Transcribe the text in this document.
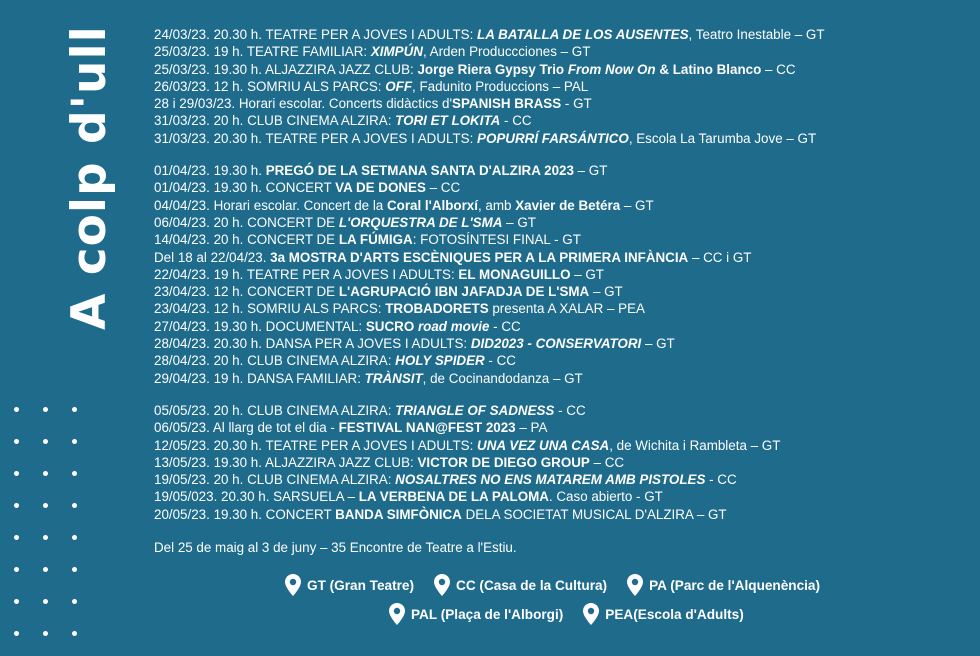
A colp d'ull	24/03/23. 20.30 h. TEATRE PER A JOVES I ADULTS: LA BATALLA DE LOS AUSENTES, Teatro Inestable – GT
25/03/23. 19 h. TEATRE FAMILIAR: XIMPÚN, Arden Produccciones – GT
25/03/23. 19.30 h. ALJAZZIRA JAZZ CLUB: Jorge Riera Gypsy Trio From Now On & Latino Blanco – CC
26/03/23. 12 h. SOMRIU ALS PARCS: OFF, Fadunito Produccions – PAL
28 i 29/03/23. Horari escolar. Concerts didàctics d'SPANISH BRASS - GT
31/03/23. 20 h. CLUB CINEMA ALZIRA: TORI ET LOKITA - CC
31/03/23. 20.30 h. TEATRE PER A JOVES I ADULTS: POPURRÍ FARSÁNTICO, Escola La Tarumba Jove – GT
01/04/23. 19.30 h. PREGÓ DE LA SETMANA SANTA D'ALZIRA 2023 – GT
01/04/23. 19.30 h. CONCERT VA DE DONES – CC
04/04/23. Horari escolar. Concert de la Coral l'Alborxí, amb Xavier de Betéra – GT
06/04/23. 20 h. CONCERT DE L'ORQUESTRA DE L'SMA – GT
14/04/23. 20 h. CONCERT DE LA FÚMIGA: FOTOSÍNTESI FINAL - GT
Del 18 al 22/04/23. 3a MOSTRA D'ARTS ESCÈNIQUES PER A LA PRIMERA INFÀNCIA – CC i GT
22/04/23. 19 h. TEATRE PER A JOVES I ADULTS: EL MONAGUILLO – GT
23/04/23. 12 h. CONCERT DE L'AGRUPACIÓ IBN JAFADJA DE L'SMA – GT
23/04/23. 12 h. SOMRIU ALS PARCS: TROBADORETS presenta A XALAR – PEA
27/04/23. 19.30 h. DOCUMENTAL: SUCRO road movie - CC
28/04/23. 20.30 h. DANSA PER A JOVES I ADULTS: DID2023 - CONSERVATORI – GT
28/04/23. 20 h. CLUB CINEMA ALZIRA: HOLY SPIDER - CC
29/04/23. 19 h. DANSA FAMILIAR: TRÀNSIT, de Cocinandodanza – GT
05/05/23. 20 h. CLUB CINEMA ALZIRA: TRIANGLE OF SADNESS - CC
06/05/23. Al llarg de tot el dia - FESTIVAL NAN@FEST 2023 – PA
12/05/23. 20.30 h. TEATRE PER A JOVES I ADULTS: UNA VEZ UNA CASA, de Wichita i Rambleta – GT
13/05/23. 19.30 h. ALJAZZIRA JAZZ CLUB: VICTOR DE DIEGO GROUP – CC
19/05/23. 20 h. CLUB CINEMA ALZIRA: NOSALTRES NO ENS MATAREM AMB PISTOLES - CC
19/05/023. 20.30 h. SARSUELA – LA VERBENA DE LA PALOMA. Caso abierto - GT
20/05/23. 19.30 h. CONCERT BANDA SIMFÒNICA DELA SOCIETAT MUSICAL D'ALZIRA – GT
Del 25 de maig al 3 de juny – 35 Encontre de Teatre a l'Estiu.
GT (Gran Teatre)	CC (Casa de la Cultura)	PA (Parc de l'Alquenència)
PAL (Plaça de l'Alborgi)	PEA(Escola d'Adults)
